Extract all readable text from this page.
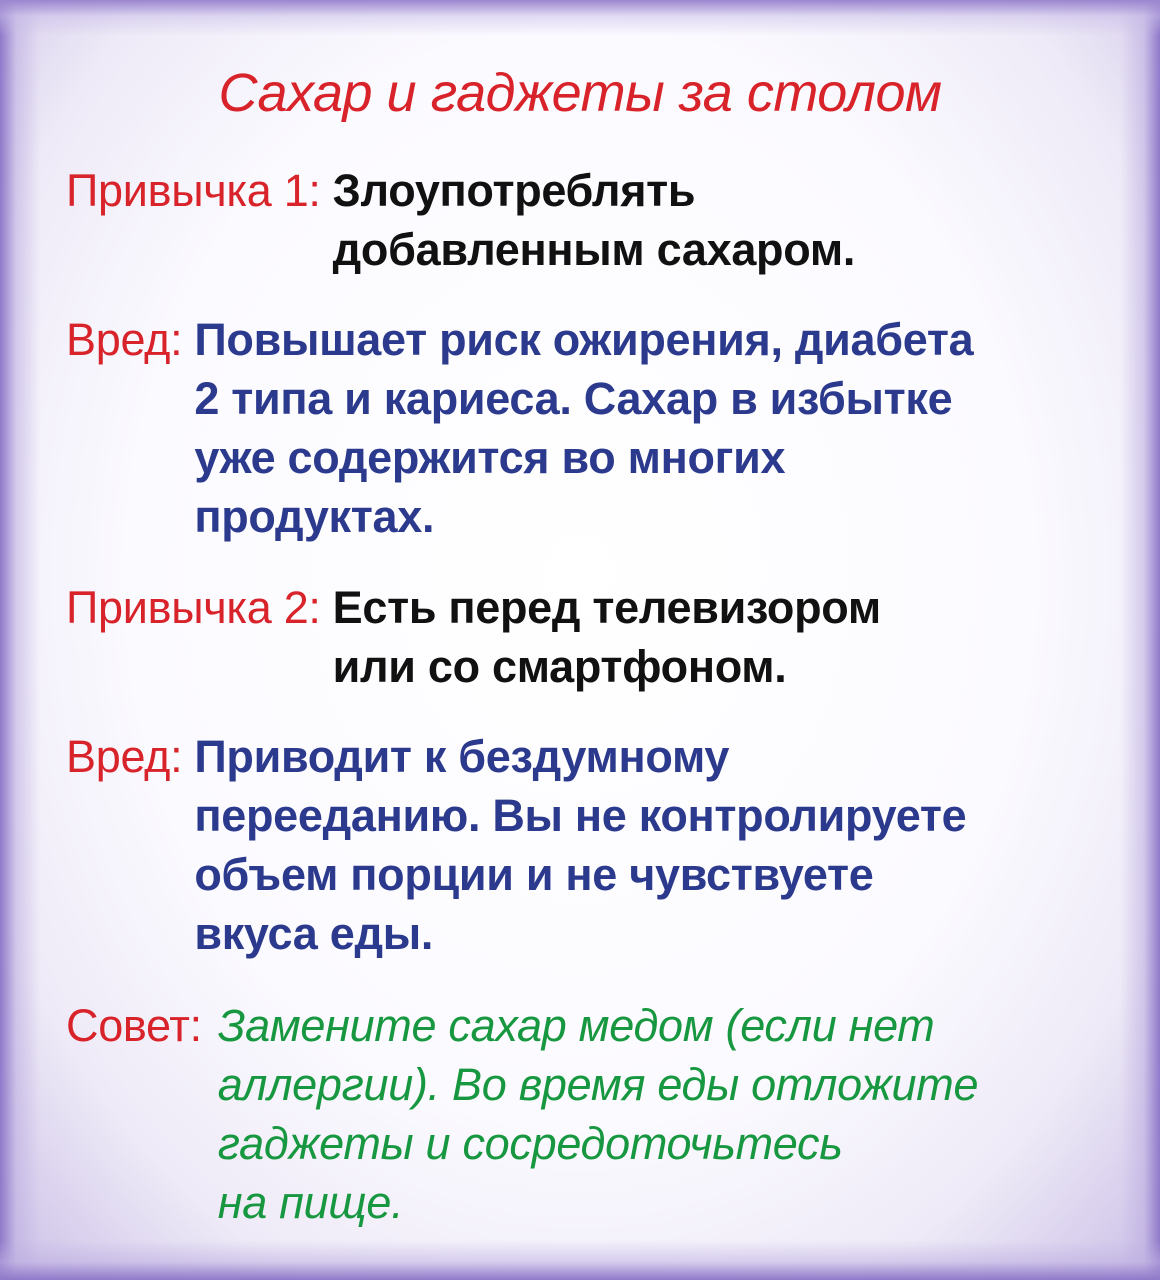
Сахар и гаджеты за столом
Привычка 1: Злоупотреблять
добавленным сахаром.
Вред: Повышает риск ожирения, диабета
2 типа и кариеса. Сахар в избытке
уже содержится во многих
продуктах.
Привычка 2: Есть перед телевизором
или со смартфоном.
Вред: Приводит к бездумному
перееданию. Вы не контролируете
объем порции и не чувствуете
вкуса еды.
Совет: Замените сахар медом (если нет
аллергии). Во время еды отложите
гаджеты и сосредоточьтесь
на пище.
